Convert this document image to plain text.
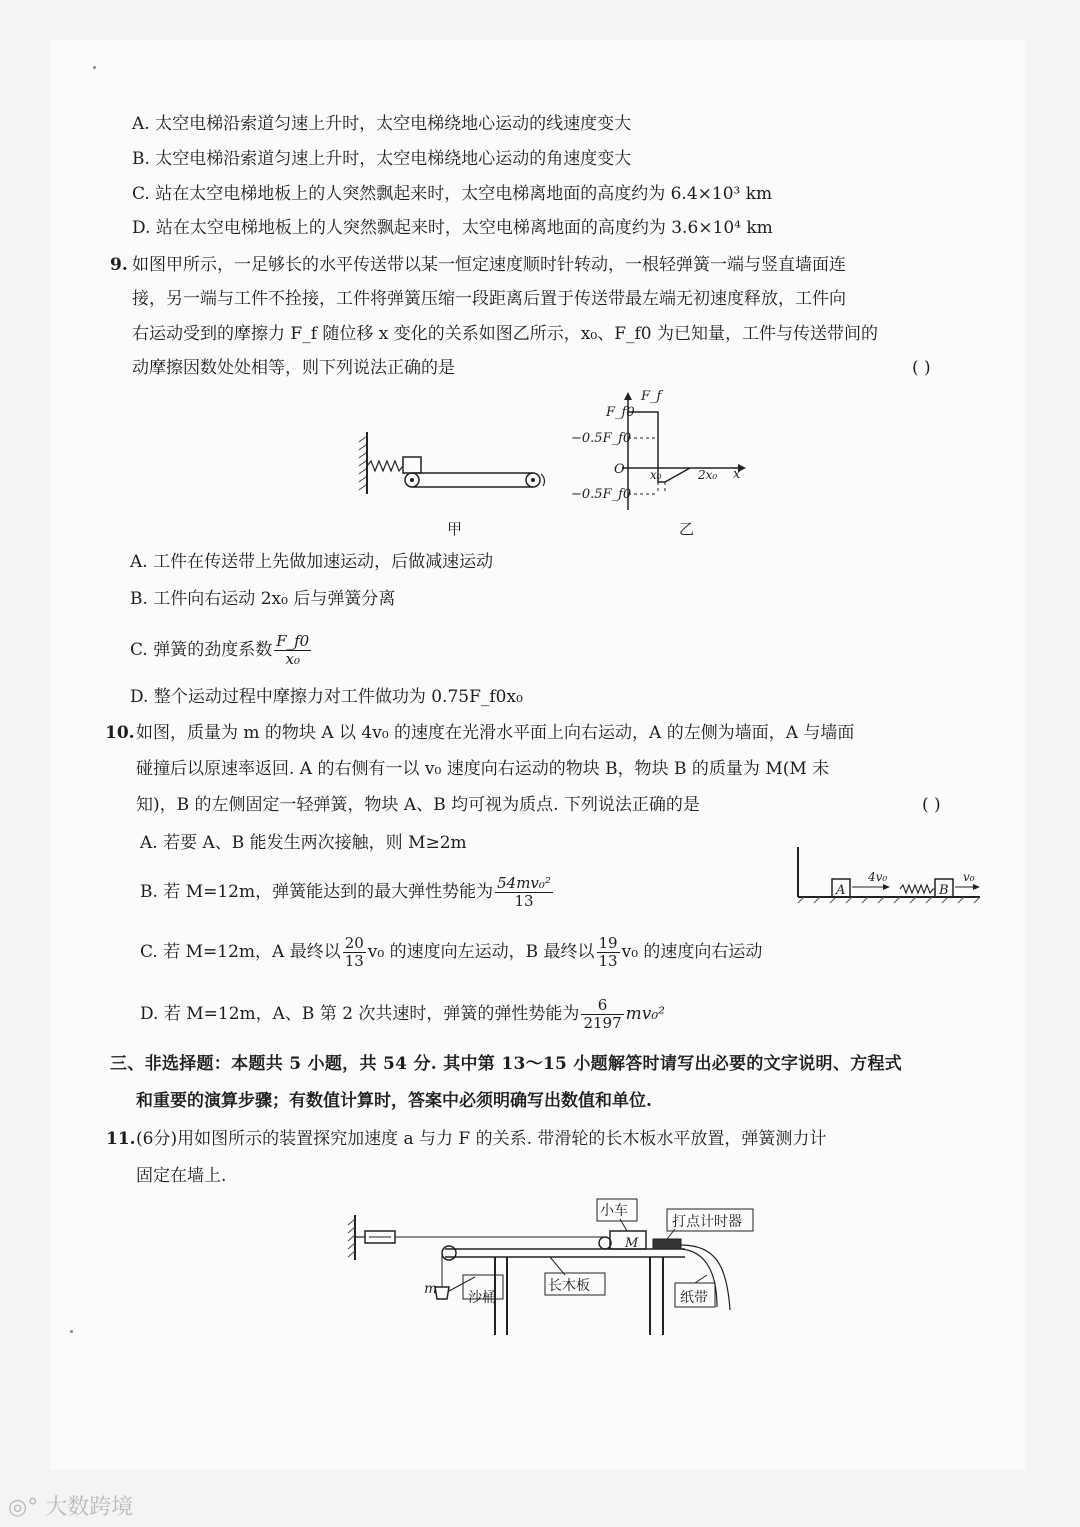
A. 太空电梯沿索道匀速上升时，太空电梯绕地心运动的线速度变大
B. 太空电梯沿索道匀速上升时，太空电梯绕地心运动的角速度变大
C. 站在太空电梯地板上的人突然飘起来时，太空电梯离地面的高度约为 6.4×10³ km
D. 站在太空电梯地板上的人突然飘起来时，太空电梯离地面的高度约为 3.6×10⁴ km
9. 如图甲所示，一足够长的水平传送带以某一恒定速度顺时针转动，一根轻弹簧一端与竖直墙面连
接，另一端与工件不拴接，工件将弹簧压缩一段距离后置于传送带最左端无初速度释放，工件向
右运动受到的摩擦力 F_f 随位移 x 变化的关系如图乙所示，x₀、F_f0 为已知量，工件与传送带间的
动摩擦因数处处相等，则下列说法正确的是	( )
甲
F_f
F_f0
−0.5F_f0
O x₀	2x₀ x
−0.5F_f0
乙
A. 工件在传送带上先做加速运动，后做减速运动
B. 工件向右运动 2x₀ 后与弹簧分离
C. 弹簧的劲度系数 $\frac{F\_f0}{\text{x₀}}$
D. 整个运动过程中摩擦力对工件做功为 0.75F_f0x₀
10. 如图，质量为 m 的物块 A 以 4v₀ 的速度在光滑水平面上向右运动，A 的左侧为墙面，A 与墙面
碰撞后以原速率返回. A 的右侧有一以 v₀ 速度向右运动的物块 B，物块 B 的质量为 M(M 未
知)，B 的左侧固定一轻弹簧，物块 A、B 均可视为质点. 下列说法正确的是	( )
A. 若要 A、B 能发生两次接触，则 M≥2m
B. 若 M=12m，弹簧能达到的最大弹性势能为 $\frac{\text{54mv₀²}}{13}$
C. 若 M=12m，A 最终以 $\frac{20}{13} v_0$ 的速度向左运动，B 最终以 $\frac{19}{13} v_0$ 的速度向右运动
D. 若 M=12m，A、B 第 2 次共速时，弹簧的弹性势能为 $\frac{6}{2197} mv_0^2$
A
4v₀
B
v₀
三、非选择题：本题共 5 小题，共 54 分. 其中第 13～15 小题解答时请写出必要的文字说明、方程式
和重要的演算步骤；有数值计算时，答案中必须明确写出数值和单位.
11. (6分)用如图所示的装置探究加速度 a 与力 F 的关系. 带滑轮的长木板水平放置，弹簧测力计
固定在墙上.
小车
M
打点计时器
m
沙桶
长木板
纸带
◎° 大数跨境
